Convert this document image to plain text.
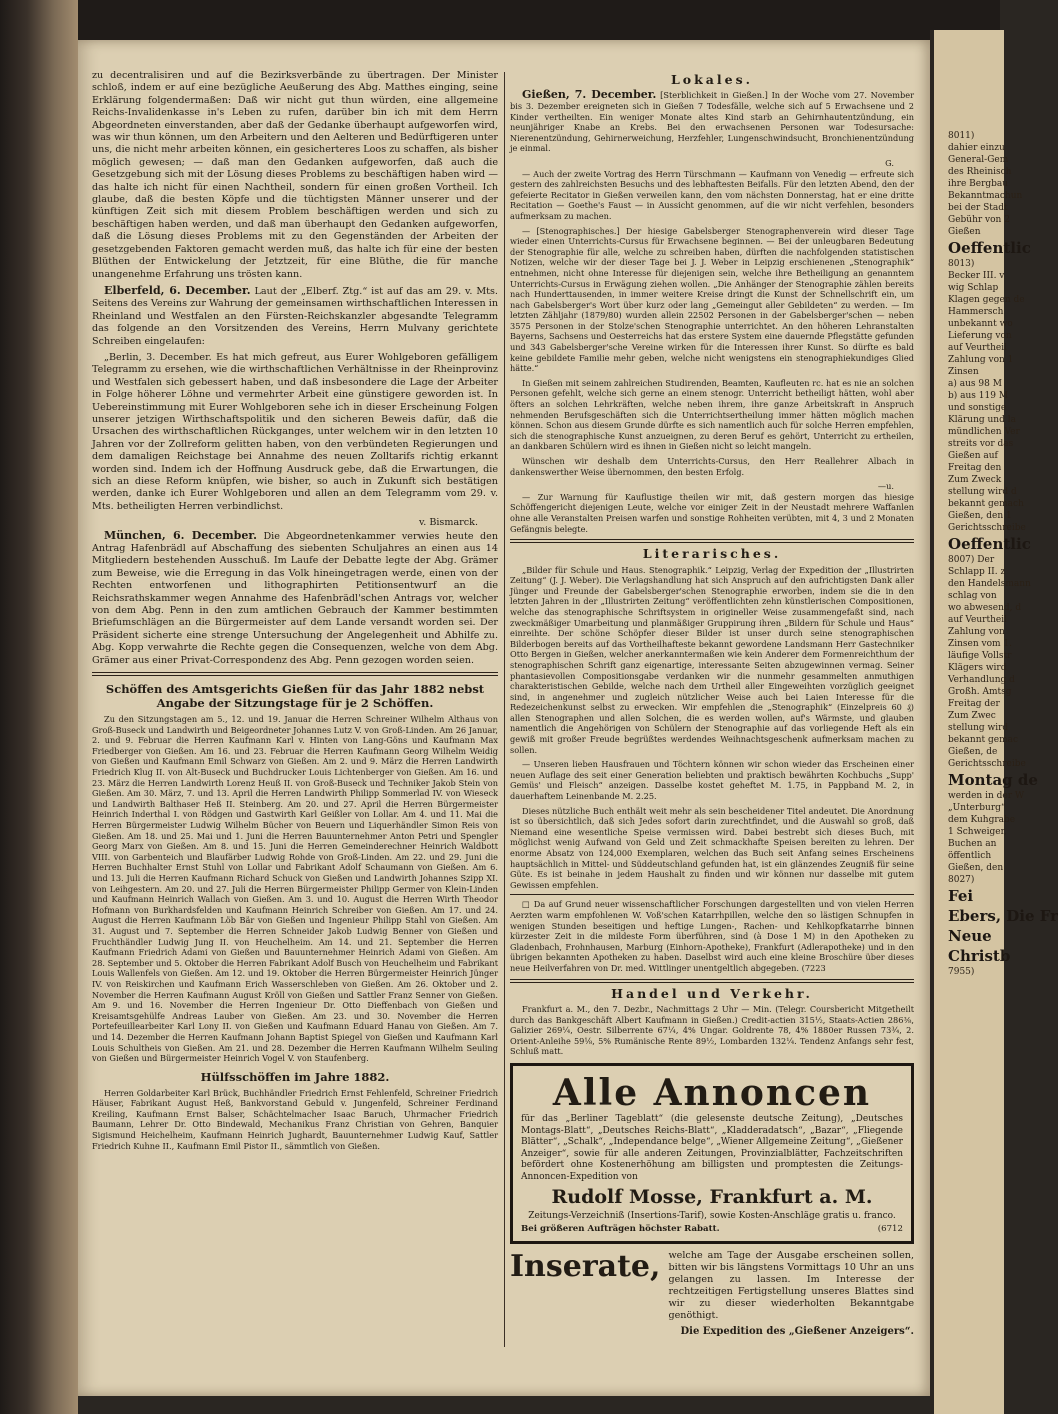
zu decentralisiren und auf die Bezirksverbände zu übertragen. Der Minister schloß, indem er auf eine bezügliche Aeußerung des Abg. Matthes einging, seine Erklärung folgendermaßen: Daß wir nicht gut thun würden, eine allgemeine Reichs-Invalidenkasse in's Leben zu rufen, darüber bin ich mit dem Herrn Abgeordneten einverstanden, aber daß der Gedanke überhaupt aufgeworfen wird, was wir thun können, um den Arbeitern und den Aelteren und Bedürftigeren unter uns, die nicht mehr arbeiten können, ein gesicherteres Loos zu schaffen, als bisher möglich gewesen; — daß man den Gedanken aufgeworfen, daß auch die Gesetzgebung sich mit der Lösung dieses Problems zu beschäftigen haben wird — das halte ich nicht für einen Nachtheil, sondern für einen großen Vortheil. Ich glaube, daß die besten Köpfe und die tüchtigsten Männer unserer und der künftigen Zeit sich mit diesem Problem beschäftigen werden und sich zu beschäftigen haben werden, und daß man überhaupt den Gedanken aufgeworfen, daß die Lösung dieses Problems mit zu den Gegenständen der Arbeiten der gesetzgebenden Faktoren gemacht werden muß, das halte ich für eine der besten Blüthen der Entwickelung der Jetztzeit, für eine Blüthe, die für manche unangenehme Erfahrung uns trösten kann.

Elberfeld, 6. December. Laut der „Elberf. Ztg.“ ist auf das am 29. v. Mts. Seitens des Vereins zur Wahrung der gemeinsamen wirthschaftlichen Interessen in Rheinland und Westfalen an den Fürsten-Reichskanzler abgesandte Telegramm das folgende an den Vorsitzenden des Vereins, Herrn Mulvany gerichtete Schreiben eingelaufen:

„Berlin, 3. December. Es hat mich gefreut, aus Eurer Wohlgeboren gefälligem Telegramm zu ersehen, wie die wirthschaftlichen Verhältnisse in der Rheinprovinz und Westfalen sich gebessert haben, und daß insbesondere die Lage der Arbeiter in Folge höherer Löhne und vermehrter Arbeit eine günstigere geworden ist. In Uebereinstimmung mit Eurer Wohlgeboren sehe ich in dieser Erscheinung Folgen unserer jetzigen Wirthschaftspolitik und den sicheren Beweis dafür, daß die Ursachen des wirthschaftlichen Rückganges, unter welchem wir in den letzten 10 Jahren vor der Zollreform gelitten haben, von den verbündeten Regierungen und dem damaligen Reichstage bei Annahme des neuen Zolltarifs richtig erkannt worden sind. Indem ich der Hoffnung Ausdruck gebe, daß die Erwartungen, die sich an diese Reform knüpfen, wie bisher, so auch in Zukunft sich bestätigen werden, danke ich Eurer Wohlgeboren und allen an dem Telegramm vom 29. v. Mts. betheiligten Herren verbindlichst.

v. Bismarck.

München, 6. December. Die Abgeordnetenkammer verwies heute den Antrag Hafenbrädl auf Abschaffung des siebenten Schuljahres an einen aus 14 Mitgliedern bestehenden Ausschuß. Im Laufe der Debatte legte der Abg. Grämer zum Beweise, wie die Erregung in das Volk hineingetragen werde, einen von der Rechten entworfenen und lithographirten Petitionsentwurf an die Reichsrathskammer wegen Annahme des Hafenbrädl'schen Antrags vor, welcher von dem Abg. Penn in den zum amtlichen Gebrauch der Kammer bestimmten Briefumschlägen an die Bürgermeister auf dem Lande versandt worden sei. Der Präsident sicherte eine strenge Untersuchung der Angelegenheit und Abhilfe zu. Abg. Kopp verwahrte die Rechte gegen die Consequenzen, welche von dem Abg. Grämer aus einer Privat-Correspondenz des Abg. Penn gezogen worden seien.

Schöffen des Amtsgerichts Gießen für das Jahr 1882 nebst Angabe der Sitzungstage für je 2 Schöffen.

Zu den Sitzungstagen am 5., 12. und 19. Januar die Herren Schreiner Wilhelm Althaus von Groß-Buseck und Landwirth und Beigeordneter Johannes Lutz V. von Groß-Linden. Am 26 Januar, 2. und 9. Februar die Herren Kaufmann Karl v. Hinten von Lang-Göns und Kaufmann Max Friedberger von Gießen. Am 16. und 23. Februar die Herren Kaufmann Georg Wilhelm Weidig von Gießen und Kaufmann Emil Schwarz von Gießen. Am 2. und 9. März die Herren Landwirth Friedrich Klug II. von Alt-Buseck und Buchdrucker Louis Lichtenberger von Gießen. Am 16. und 23. März die Herren Landwirth Lorenz Heuß II. von Groß-Buseck und Techniker Jakob Stein von Gießen. Am 30. März, 7. und 13. April die Herren Landwirth Philipp Sommerlad IV. von Wieseck und Landwirth Balthaser Heß II. Steinberg. Am 20. und 27. April die Herren Bürgermeister Heinrich Inderthal I. von Rödgen und Gastwirth Karl Geißler von Lollar. Am 4. und 11. Mai die Herren Bürgermeister Ludwig Wilhelm Bücher von Beuern und Liquerhändler Simon Reis von Gießen. Am 18. und 25. Mai und 1. Juni die Herren Bauunternehmer Anton Petri und Spengler Georg Marx von Gießen. Am 8. und 15. Juni die Herren Gemeinderechner Heinrich Waldbott VIII. von Garbenteich und Blaufärber Ludwig Rohde von Groß-Linden. Am 22. und 29. Juni die Herren Buchhalter Ernst Stuhl von Lollar und Fabrikant Adolf Schaumann von Gießen. Am 6. und 13. Juli die Herren Kaufmann Richard Schuck von Gießen und Landwirth Johannes Szipp XI. von Leihgestern. Am 20. und 27. Juli die Herren Bürgermeister Philipp Germer von Klein-Linden und Kaufmann Heinrich Wallach von Gießen. Am 3. und 10. August die Herren Wirth Theodor Hofmann von Burkhardsfelden und Kaufmann Heinrich Schreiber von Gießen. Am 17. und 24. August die Herren Kaufmann Löb Bär von Gießen und Ingenieur Philipp Stahl von Gießen. Am 31. August und 7. September die Herren Schneider Jakob Ludwig Benner von Gießen und Fruchthändler Ludwig Jung II. von Heuchelheim. Am 14. und 21. September die Herren Kaufmann Friedrich Adami von Gießen und Bauunternehmer Heinrich Adami von Gießen. Am 28. September und 5. Oktober die Herren Fabrikant Adolf Busch von Heuchelheim und Fabrikant Louis Wallenfels von Gießen. Am 12. und 19. Oktober die Herren Bürgermeister Heinrich Jünger IV. von Reiskirchen und Kaufmann Erich Wasserschleben von Gießen. Am 26. Oktober und 2. November die Herren Kaufmann August Kröll von Gießen und Sattler Franz Senner von Gießen. Am 9. und 16. November die Herren Ingenieur Dr. Otto Dieffenbach von Gießen und Kreisamtsgehülfe Andreas Lauber von Gießen. Am 23. und 30. November die Herren Portefeuillearbeiter Karl Lony II. von Gießen und Kaufmann Eduard Hanau von Gießen. Am 7. und 14. Dezember die Herren Kaufmann Johann Baptist Spiegel von Gießen und Kaufmann Karl Louis Schultheis von Gießen. Am 21. und 28. Dezember die Herren Kaufmann Wilhelm Seuling von Gießen und Bürgermeister Heinrich Vogel V. von Staufenberg.

Hülfsschöffen im Jahre 1882.

Herren Goldarbeiter Karl Brück, Buchhändler Friedrich Ernst Fehlenfeld, Schreiner Friedrich Häuser, Fabrikant August Heß, Bankvorstand Gebuld v. Jungenfeld, Schreiner Ferdinand Kreiling, Kaufmann Ernst Balser, Schächtelmacher Isaac Baruch, Uhrmacher Friedrich Baumann, Lehrer Dr. Otto Bindewald, Mechanikus Franz Christian von Gehren, Banquier Sigismund Heichelheim, Kaufmann Heinrich Jughardt, Bauunternehmer Ludwig Kauf, Sattler Friedrich Kuhne II., Kaufmann Emil Pistor II., sämmtlich von Gießen.

Lokales.

Gießen, 7. December. [Sterblichkeit in Gießen.] In der Woche vom 27. November bis 3. Dezember ereigneten sich in Gießen 7 Todesfälle, welche sich auf 5 Erwachsene und 2 Kinder vertheilten. Ein weniger Monate altes Kind starb an Gehirnhautentzündung, ein neunjähriger Knabe an Krebs. Bei den erwachsenen Personen war Todesursache: Nierenentzündung, Gehirnerweichung, Herzfehler, Lungenschwindsucht, Bronchienentzündung je einmal.

G.

— Auch der zweite Vortrag des Herrn Türschmann — Kaufmann von Venedig — erfreute sich gestern des zahlreichsten Besuchs und des lebhaftesten Beifalls. Für den letzten Abend, den der gefeierte Recitator in Gießen verweilen kann, den vom nächsten Donnerstag, hat er eine dritte Recitation — Goethe's Faust — in Aussicht genommen, auf die wir nicht verfehlen, besonders aufmerksam zu machen.

— [Stenographisches.] Der hiesige Gabelsberger Stenographenverein wird dieser Tage wieder einen Unterrichts-Cursus für Erwachsene beginnen. — Bei der unleugbaren Bedeutung der Stenographie für alle, welche zu schreiben haben, dürften die nachfolgenden statistischen Notizen, welche wir der dieser Tage bei J. J. Weber in Leipzig erschienenen „Stenographik“ entnehmen, nicht ohne Interesse für diejenigen sein, welche ihre Betheiligung an genanntem Unterrichts-Cursus in Erwägung ziehen wollen. „Die Anhänger der Stenographie zählen bereits nach Hunderttausenden, in immer weitere Kreise dringt die Kunst der Schnellschrift ein, um nach Gabelsberger's Wort über kurz oder lang „Gemeingut aller Gebildeten“ zu werden. — Im letzten Zähljahr (1879/80) wurden allein 22502 Personen in der Gabelsberger'schen — neben 3575 Personen in der Stolze'schen Stenographie unterrichtet. An den höheren Lehranstalten Bayerns, Sachsens und Oesterreichs hat das ersterе System eine dauernde Pflegstätte gefunden und 343 Gabelsberger'sche Vereine wirken für die Interessen ihrer Kunst. So dürfte es bald keine gebildete Familie mehr geben, welche nicht wenigstens ein stenographiekundiges Glied hätte.“

In Gießen mit seinem zahlreichen Studirenden, Beamten, Kaufleuten rc. hat es nie an solchen Personen gefehlt, welche sich gerne an einem stenogr. Unterricht betheiligt hätten, wohl aber öfters an solchen Lehrkräften, welche neben ihrem, ihre ganze Arbeitskraft in Anspruch nehmenden Berufsgeschäften sich die Unterrichtsertheilung immer hätten möglich machen können. Schon aus diesem Grunde dürfte es sich namentlich auch für solche Herren empfehlen, sich die stenographische Kunst anzueignen, zu deren Beruf es gehört, Unterricht zu ertheilen, an dankbaren Schülern wird es ihnen in Gießen nicht so leicht mangeln.

Wünschen wir deshalb dem Unterrichts-Cursus, den Herr Reallehrer Albach in dankenswerther Weise übernommen, den besten Erfolg.

—u.

— Zur Warnung für Kauflustige theilen wir mit, daß gestern morgen das hiesige Schöffengericht diejenigen Leute, welche vor einiger Zeit in der Neustadt mehrere Waffanlen ohne alle Veranstalten Preisen warfen und sonstige Rohheiten verübten, mit 4, 3 und 2 Monaten Gefängnis belegte.

Literarisches.

„Bilder für Schule und Haus. Stenographik.“ Leipzig, Verlag der Expedition der „Illustrirten Zeitung“ (J. J. Weber). Die Verlagshandlung hat sich Anspruch auf den aufrichtigsten Dank aller Jünger und Freunde der Gabelsberger'schen Stenographie erworben, indem sie die in den letzten Jahren in der „Illustrirten Zeitung“ veröffentlichten zehn künstlerischen Compositionen, welche das stenographische Schriftsystem in origineller Weise zusammengefaßt sind, nach zweckmäßiger Umarbeitung und planmäßiger Gruppirung ihren „Bildern für Schule und Haus“ einreihte. Der schöne Schöpfer dieser Bilder ist unser durch seine stenographischen Bilderbogen bereits auf das Vortheilhafteste bekannt gewordene Landsmann Herr Gastechniker Otto Bergen in Gießen, welcher anerkanntermaßen wie kein Anderer dem Formenreichthum der stenographischen Schrift ganz eigenartige, interessante Seiten abzugewinnen vermag. Seiner phantasievollen Compositionsgabe verdanken wir die nunmehr gesammelten anmuthigen charakteristischen Gebilde, welche nach dem Urtheil aller Eingeweihten vorzüglich geeignet sind, in angenehmer und zugleich nützlicher Weise auch bei Laien Interesse für die Redezeichenkunst selbst zu erwecken. Wir empfehlen die „Stenographik“ (Einzelpreis 60 ₰) allen Stenographen und allen Solchen, die es werden wollen, auf's Wärmste, und glauben namentlich die Angehörigen von Schülern der Stenographie auf das vorliegende Heft als ein gewiß mit großer Freude begrüßtes werdendes Weihnachtsgeschenk aufmerksam machen zu sollen.

— Unseren lieben Hausfrauen und Töchtern können wir schon wieder das Erscheinen einer neuen Auflage des seit einer Generation beliebten und praktisch bewährten Kochbuchs „Supp' Gemüs' und Fleisch“ anzeigen. Dasselbe kostet geheftet M. 1.75, in Pappband M. 2, in dauerhaftem Leinenbande M. 2.25.

Dieses nützliche Buch enthält weit mehr als sein bescheidener Titel andeutet. Die Anordnung ist so übersichtlich, daß sich Jedes sofort darin zurechtfindet, und die Auswahl so groß, daß Niemand eine wesentliche Speise vermissen wird. Dabei bestrebt sich dieses Buch, mit möglichst wenig Aufwand von Geld und Zeit schmackhafte Speisen bereiten zu lehren. Der enorme Absatz von 124,000 Exemplaren, welchen das Buch seit Anfang seines Erscheinens hauptsächlich in Mittel- und Süddeutschland gefunden hat, ist ein glänzendes Zeugniß für seine Güte. Es ist beinahe in jedem Haushalt zu finden und wir können nur dasselbe mit gutem Gewissen empfehlen.

□ Da auf Grund neuer wissenschaftlicher Forschungen dargestellten und von vielen Herren Aerzten warm empfohlenen W. Voß'schen Katarrhpillen, welche den so lästigen Schnupfen in wenigen Stunden beseitigen und heftige Lungen-, Rachen- und Kehlkopfkatarrhe binnen kürzester Zeit in die mildeste Form überführen, sind (à Dose 1 M) in den Apotheken zu Gladenbach, Frohnhausen, Marburg (Einhorn-Apotheke), Frankfurt (Adlerapotheke) und in den übrigen bekannten Apotheken zu haben. Daselbst wird auch eine kleine Broschüre über dieses neue Heilverfahren von Dr. med. Wittlinger unentgeltlich abgegeben. (7223

Handel und Verkehr.

Frankfurt a. M., den 7. Dezbr., Nachmittags 2 Uhr — Min. (Telegr. Coursbericht Mitgetheilt durch das Bankgeschäft Albert Kaufmann in Gießen.) Credit-actien 315½, Staats-Actien 286⅜, Galizier 269¼, Oestr. Silberrente 67¼, 4% Ungar. Goldrente 78, 4% 1880er Russen 73¾, 2. Orient-Anleihe 59⅛, 5% Rumänische Rente 89½, Lombarden 132¼. Tendenz Anfangs sehr fest, Schluß matt.

Alle Annoncen
für das „Berliner Tageblatt“ (die gelesenste deutsche Zeitung), „Deutsches Montags-Blatt“, „Deutsches Reichs-Blatt“, „Kladderadatsch“, „Bazar“, „Fliegende Blätter“, „Schalk“, „Independance belge“, „Wiener Allgemeine Zeitung“, „Gießener Anzeiger“, sowie für alle anderen Zeitungen, Provinzialblätter, Fachzeitschriften befördert ohne Kostenerhöhung am billigsten und promptesten die Zeitungs-Annoncen-Expedition von
Rudolf Mosse, Frankfurt a. M.
Zeitungs-Verzeichniß (Insertions-Tarif), sowie Kosten-Anschläge gratis u. franco.
Bei größeren Aufträgen höchster Rabatt.	(6712
Inserate, welche am Tage der Ausgabe erscheinen sollen, bitten wir bis längstens Vormittags 10 Uhr an uns gelangen zu lassen. Im Interesse der rechtzeitigen Fertigstellung unseres Blattes sind wir zu dieser wiederholten Bekanntgabe genöthigt.
Die Expedition des „Gießener Anzeigers“.
8011)
dahier einzu
General-Gem
des Rheinisch
ihre Bergbau
Bekanntmachun
bei der Stadt
Gebühr von 2
Gießen
Oeffentlic
8013)
Becker III. v
wig Schlap
Klagen gegen de
Hammersch
unbekannt wo
Lieferung von
auf Veurtheil
Zahlung von 1
Zinsen
a) aus 98 M
b) aus 119 M
und sonstige
Klärung und la
mündlichen Ver
streits vor das
Gießen auf
Freitag den
Zum Zweck
stellung wird d
bekannt gemach
Gießen, den 1
Gerichtsschreibe
Oeffentlic
8007) Der
Schlapp II. z
den Handelsmann
schlag von
wo abwesend, d
auf Veurtheil
Zahlung von
Zinsen vom 1.
läufige Vollstr
Klägers wird
Verhandlung d
Großh. Amtsg
Freitag der
Zum Zwec
stellung wird
bekannt gemac
Gießen, de
Gerichtsschreibe
Montag de
werden in der W
„Unterburg“
dem Kuhgrabe
1 Schweiger,
Buchen an
öffentlich
Gießen, den
8027)
Fei
Ebers, Die Fr
Neue
Christb
7955)
